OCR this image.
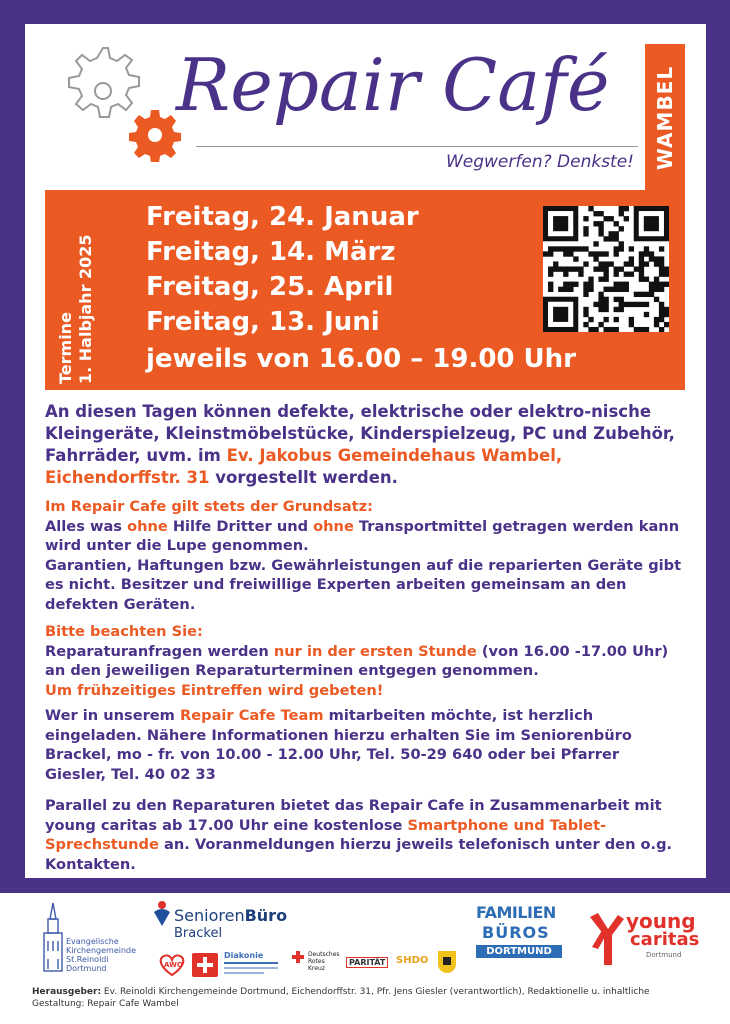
Repair Café
Wegwerfen? Denkste! WAMBEL
Termine 1. Halbjahr 2025
Freitag, 24. Januar
Freitag, 14. März
Freitag, 25. April
Freitag, 13. Juni
jeweils von 16.00 – 19.00 Uhr
An diesen Tagen können defekte, elektrische oder elektro-nische Kleingeräte, Kleinstmöbelstücke, Kinderspielzeug, PC und Zubehör, Fahrräder, uvm. im Ev. Jakobus Gemeindehaus Wambel, Eichendorffstr. 31 vorgestellt werden.
Im Repair Cafe gilt stets der Grundsatz:
Alles was ohne Hilfe Dritter und ohne Transportmittel getragen werden kann wird unter die Lupe genommen.
Garantien, Haftungen bzw. Gewährleistungen auf die reparierten Geräte gibt es nicht. Besitzer und freiwillige Experten arbeiten gemeinsam an den defekten Geräten.
Bitte beachten Sie:
Reparaturanfragen werden nur in der ersten Stunde (von 16.00 -17.00 Uhr) an den jeweiligen Reparaturterminen entgegen genommen.
Um frühzeitiges Eintreffen wird gebeten!
Wer in unserem Repair Cafe Team mitarbeiten möchte, ist herzlich eingeladen. Nähere Informationen hierzu erhalten Sie im Seniorenbüro Brackel, mo - fr. von 10.00 - 12.00 Uhr, Tel. 50-29 640 oder bei Pfarrer Giesler, Tel. 40 02 33
Parallel zu den Reparaturen bietet das Repair Cafe in Zusammenarbeit mit young caritas ab 17.00 Uhr eine kostenlose Smartphone und Tablet-Sprechstunde an. Voranmeldungen hierzu jeweils telefonisch unter den o.g. Kontakten.
Evangelische
Kirchengemeinde
St.Reinoldi Dortmund
SeniorenBüro
Brackel
AWO
Diakonie	Deutsches
Rotes
Kreuz
PARITÄT	SHDO
FAMILIEN
BÜROS
DORTMUND
young
caritas
Dortmund
Herausgeber: Ev. Reinoldi Kirchengemeinde Dortmund, Eichendorffstr. 31, Pfr. Jens Giesler (verantwortlich), Redaktionelle u. inhaltliche Gestaltung: Repair Cafe Wambel
